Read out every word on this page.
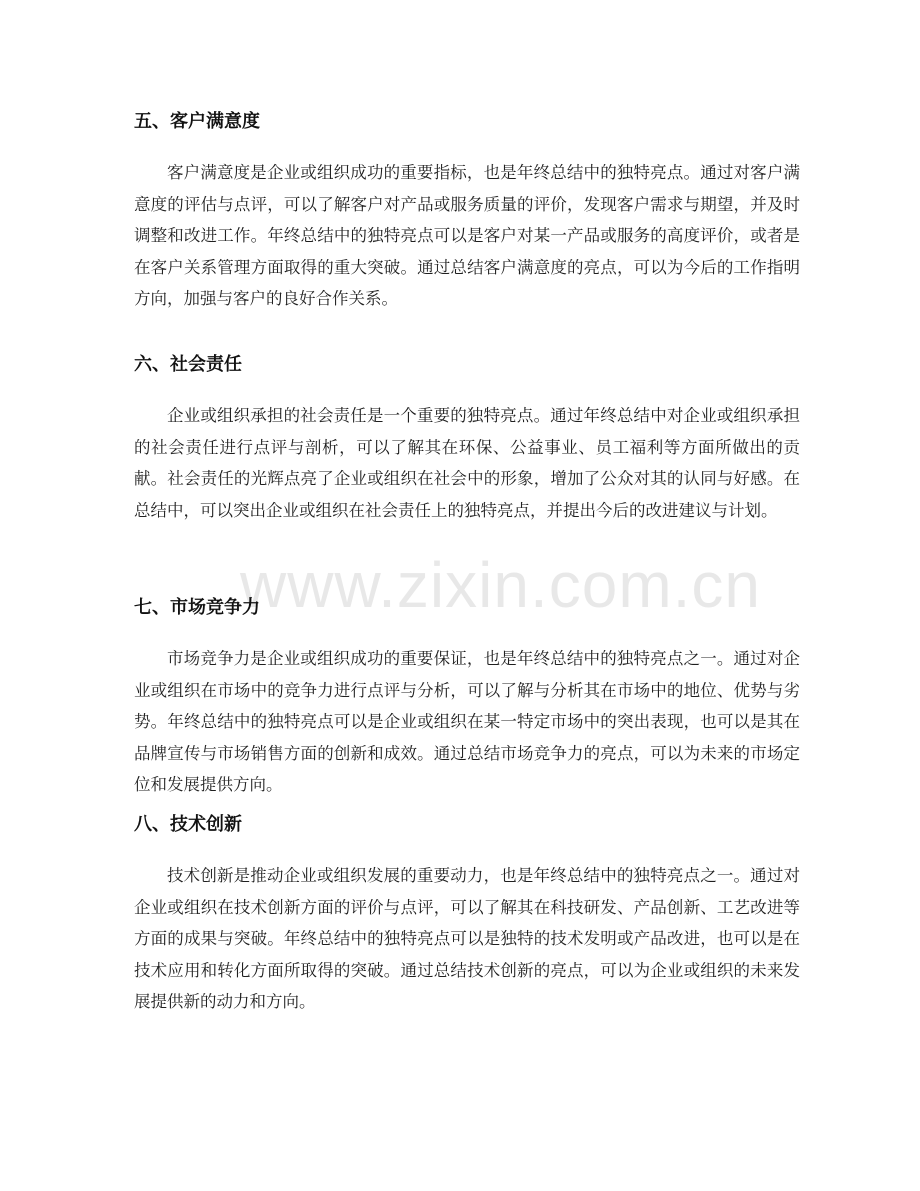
www.zixin.com.cn
五、客户满意度

客户满意度是企业或组织成功的重要指标，也是年终总结中的独特亮点。通过对客户满意度的评估与点评，可以了解客户对产品或服务质量的评价，发现客户需求与期望，并及时调整和改进工作。年终总结中的独特亮点可以是客户对某一产品或服务的高度评价，或者是在客户关系管理方面取得的重大突破。通过总结客户满意度的亮点，可以为今后的工作指明方向，加强与客户的良好合作关系。

六、社会责任

企业或组织承担的社会责任是一个重要的独特亮点。通过年终总结中对企业或组织承担的社会责任进行点评与剖析，可以了解其在环保、公益事业、员工福利等方面所做出的贡献。社会责任的光辉点亮了企业或组织在社会中的形象，增加了公众对其的认同与好感。在总结中，可以突出企业或组织在社会责任上的独特亮点，并提出今后的改进建议与计划。

七、市场竞争力

市场竞争力是企业或组织成功的重要保证，也是年终总结中的独特亮点之一。通过对企业或组织在市场中的竞争力进行点评与分析，可以了解与分析其在市场中的地位、优势与劣势。年终总结中的独特亮点可以是企业或组织在某一特定市场中的突出表现，也可以是其在品牌宣传与市场销售方面的创新和成效。通过总结市场竞争力的亮点，可以为未来的市场定位和发展提供方向。

八、技术创新

技术创新是推动企业或组织发展的重要动力，也是年终总结中的独特亮点之一。通过对企业或组织在技术创新方面的评价与点评，可以了解其在科技研发、产品创新、工艺改进等方面的成果与突破。年终总结中的独特亮点可以是独特的技术发明或产品改进，也可以是在技术应用和转化方面所取得的突破。通过总结技术创新的亮点，可以为企业或组织的未来发展提供新的动力和方向。
